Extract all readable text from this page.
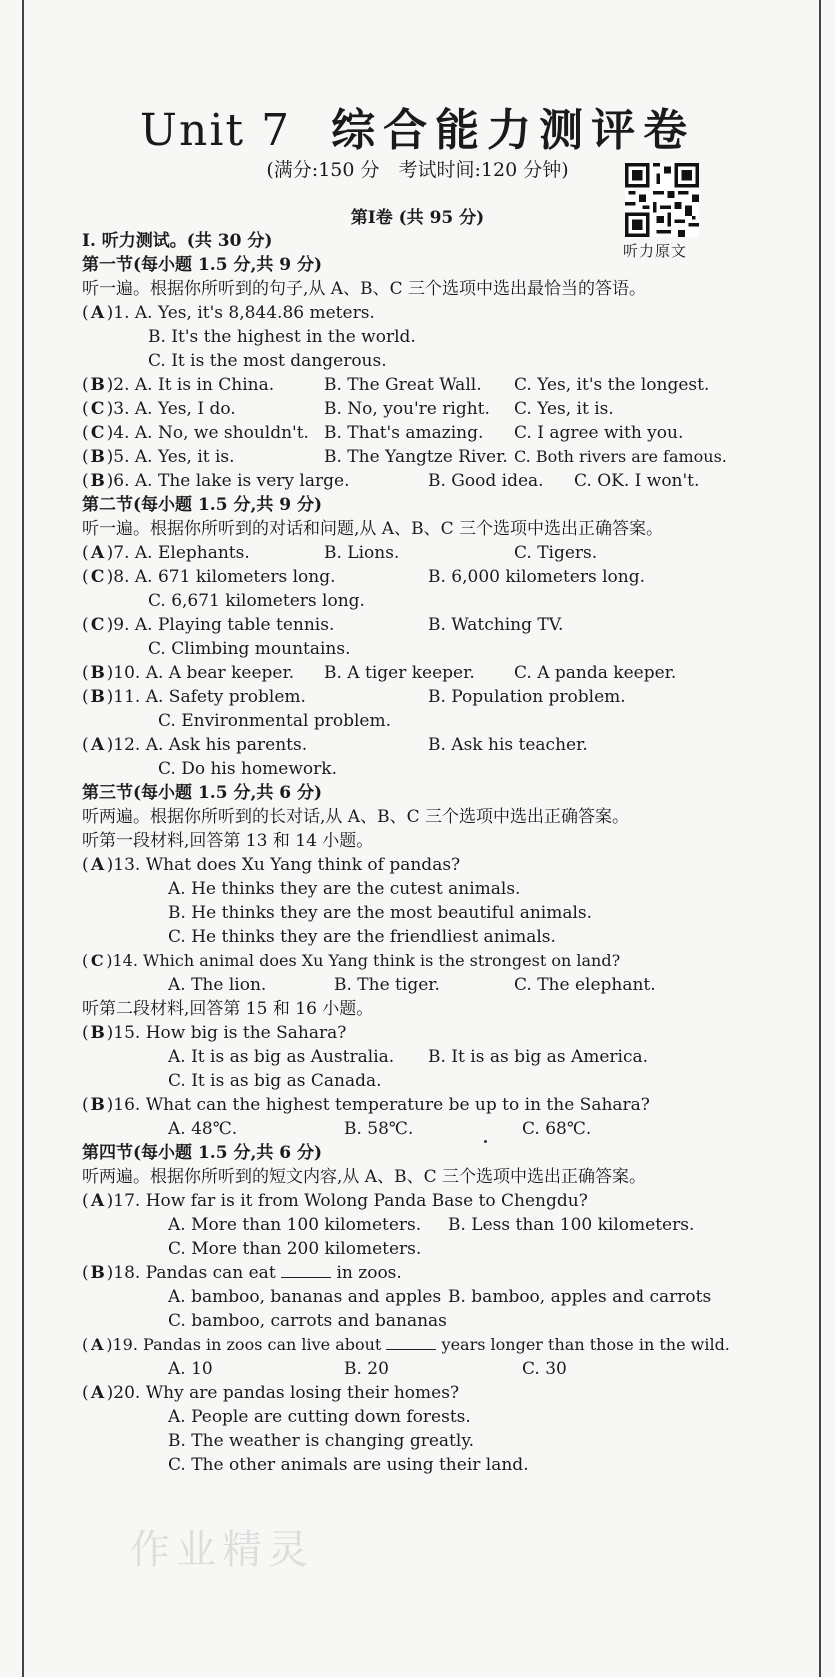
Unit 7 综合能力测评卷
(满分:150 分　考试时间:120 分钟)
第Ⅰ卷 (共 95 分)
听力原文
Ⅰ. 听力测试。(共 30 分)
第一节(每小题 1.5 分,共 9 分)
听一遍。根据你所听到的句子,从 A、B、C 三个选项中选出最恰当的答语。
( A )1. A. Yes, it's 8,844.86 meters.
B. It's the highest in the world.
C. It is the most dangerous.
( B )2. A. It is in China.	B. The Great Wall. C. Yes, it's the longest.
( C )3. A. Yes, I do.	B. No, you're right. C. Yes, it is.
( C )4. A. No, we shouldn't. B. That's amazing. C. I agree with you.
( B )5. A. Yes, it is.	B. The Yangtze River. C. Both rivers are famous.
( B )6. A. The lake is very large.	B. Good idea. C. OK. I won't.
第二节(每小题 1.5 分,共 9 分)
听一遍。根据你所听到的对话和问题,从 A、B、C 三个选项中选出正确答案。
( A )7. A. Elephants.	B. Lions.	C. Tigers.
( C )8. A. 671 kilometers long.	B. 6,000 kilometers long.
C. 6,671 kilometers long.
( C )9. A. Playing table tennis.	B. Watching TV.
C. Climbing mountains.
( B )10. A. A bear keeper. B. A tiger keeper. C. A panda keeper.
( B )11. A. Safety problem.	B. Population problem.
C. Environmental problem.
( A )12. A. Ask his parents.	B. Ask his teacher.
C. Do his homework.
第三节(每小题 1.5 分,共 6 分)
听两遍。根据你所听到的长对话,从 A、B、C 三个选项中选出正确答案。
听第一段材料,回答第 13 和 14 小题。
( A )13. What does Xu Yang think of pandas?
A. He thinks they are the cutest animals.
B. He thinks they are the most beautiful animals.
C. He thinks they are the friendliest animals.
( C )14. Which animal does Xu Yang think is the strongest on land?
A. The lion.	B. The tiger.	C. The elephant.
听第二段材料,回答第 15 和 16 小题。
( B )15. How big is the Sahara?
A. It is as big as Australia. B. It is as big as America.
C. It is as big as Canada.
( B )16. What can the highest temperature be up to in the Sahara?
A. 48℃.	B. 58℃.	C. 68℃.
第四节(每小题 1.5 分,共 6 分)
听两遍。根据你所听到的短文内容,从 A、B、C 三个选项中选出正确答案。
( A )17. How far is it from Wolong Panda Base to Chengdu?
A. More than 100 kilometers. B. Less than 100 kilometers.
C. More than 200 kilometers.
( B )18. Pandas can eat	in zoos.
A. bamboo, bananas and apples B. bamboo, apples and carrots
C. bamboo, carrots and bananas
( A )19. Pandas in zoos can live about	years longer than those in the wild.
A. 10	B. 20	C. 30
( A )20. Why are pandas losing their homes?
A. People are cutting down forests.
B. The weather is changing greatly.
C. The other animals are using their land.
作业精灵
